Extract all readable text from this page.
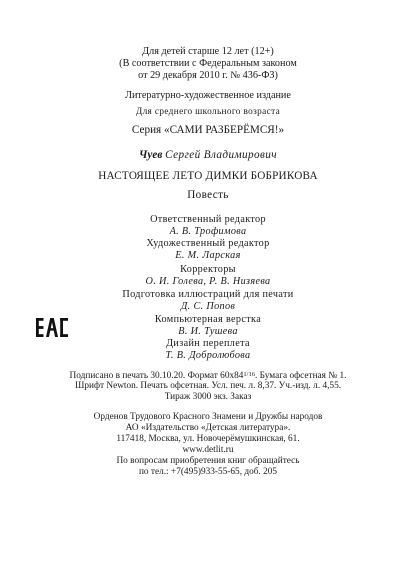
Для детей старше 12 лет (12+)
(В соответствии с Федеральным законом
от 29 декабря 2010 г. № 436-ФЗ)
Литературно-художественное издание
Для среднего школьного возраста
Серия «САМИ РАЗБЕРЁМСЯ!»
Чуев Сергей Владимирович
НАСТОЯЩЕЕ ЛЕТО ДИМКИ БОБРИКОВА
Повесть
Ответственный редактор
А. В. Трофимова
Художественный редактор
Е. М. Ларская
Корректоры
О. И. Голева, Р. В. Низяева
Подготовка иллюстраций для печати
Д. С. Попов
Компьютерная верстка
В. И. Тушева
Дизайн переплета
Т. В. Добролюбова
Подписано в печать 30.10.20. Формат $60x84^{1/16}$. Бумага офсетная № 1.
Шрифт Newton. Печать офсетная. Усл. печ. л. 8,37. Уч.-изд. л. 4,55.
Тираж 3000 экз. Заказ
Орденов Трудового Красного Знамени и Дружбы народов
АО «Издательство «Детская литература».
117418, Москва, ул. Новочерёмушкинская, 61.
www.detlit.ru
По вопросам приобретения книг обращайтесь
по тел.: +7(495)933-55-65, доб. 205
